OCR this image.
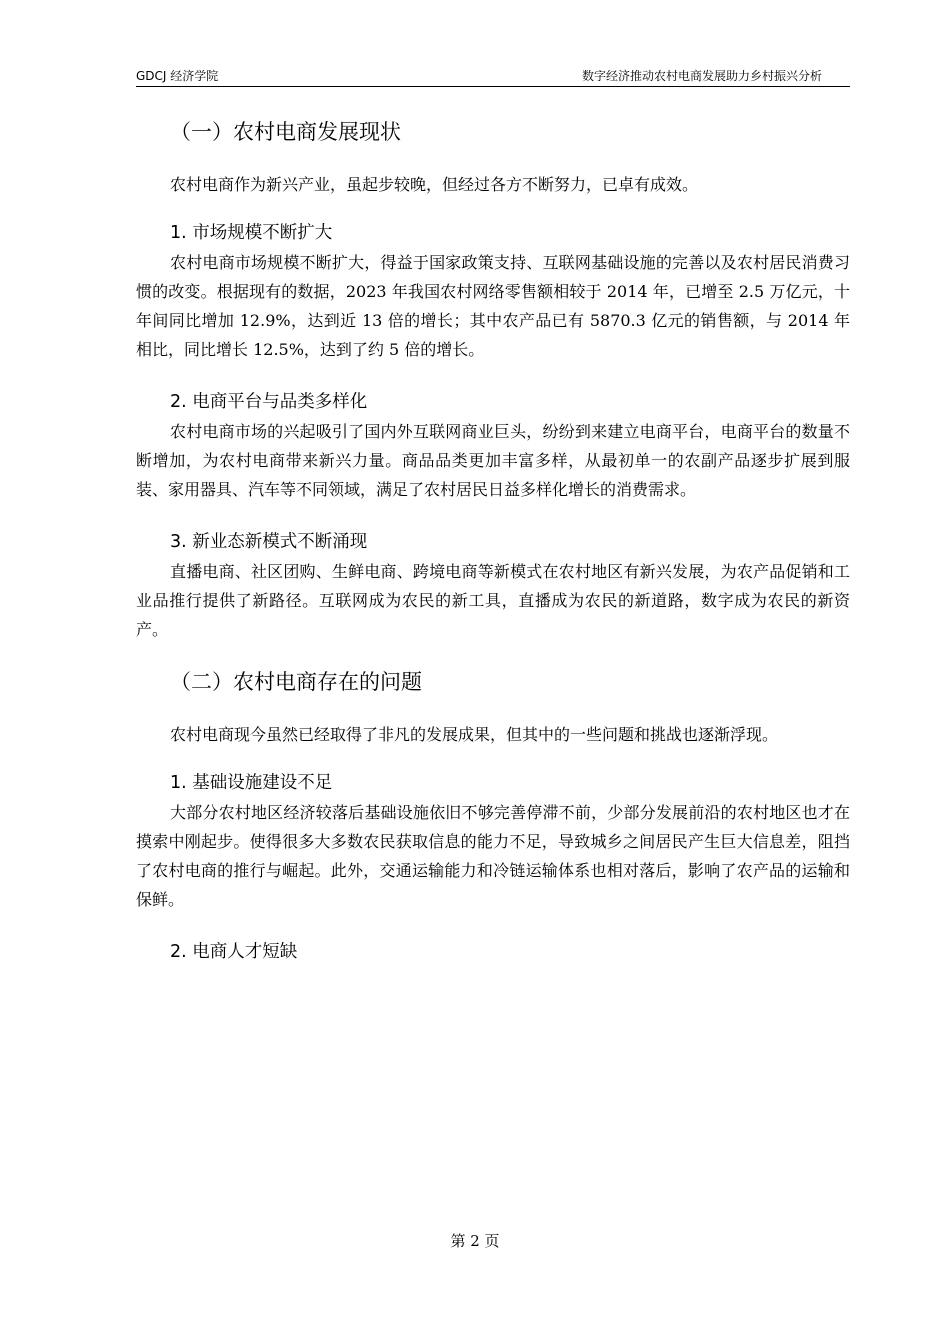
GDCJ 经济学院	数字经济推动农村电商发展助力乡村振兴分析
（一）农村电商发展现状

农村电商作为新兴产业，虽起步较晚，但经过各方不断努力，已卓有成效。

1. 市场规模不断扩大

农村电商市场规模不断扩大，得益于国家政策支持、互联网基础设施的完善以及农村居民消费习惯的改变。根据现有的数据，2023 年我国农村网络零售额相较于 2014 年，已增至 2.5 万亿元，十年间同比增加 12.9%，达到近 13 倍的增长；其中农产品已有 5870.3 亿元的销售额，与 2014 年相比，同比增长 12.5%，达到了约 5 倍的增长。

2. 电商平台与品类多样化

农村电商市场的兴起吸引了国内外互联网商业巨头，纷纷到来建立电商平台，电商平台的数量不断增加，为农村电商带来新兴力量。商品品类更加丰富多样，从最初单一的农副产品逐步扩展到服装、家用器具、汽车等不同领域，满足了农村居民日益多样化增长的消费需求。

3. 新业态新模式不断涌现

直播电商、社区团购、生鲜电商、跨境电商等新模式在农村地区有新兴发展，为农产品促销和工业品推行提供了新路径。互联网成为农民的新工具，直播成为农民的新道路，数字成为农民的新资产。

（二）农村电商存在的问题

农村电商现今虽然已经取得了非凡的发展成果，但其中的一些问题和挑战也逐渐浮现。

1. 基础设施建设不足

大部分农村地区经济较落后基础设施依旧不够完善停滞不前，少部分发展前沿的农村地区也才在摸索中刚起步。使得很多大多数农民获取信息的能力不足，导致城乡之间居民产生巨大信息差，阻挡了农村电商的推行与崛起。此外，交通运输能力和冷链运输体系也相对落后，影响了农产品的运输和保鲜。

2. 电商人才短缺
第 2 页
